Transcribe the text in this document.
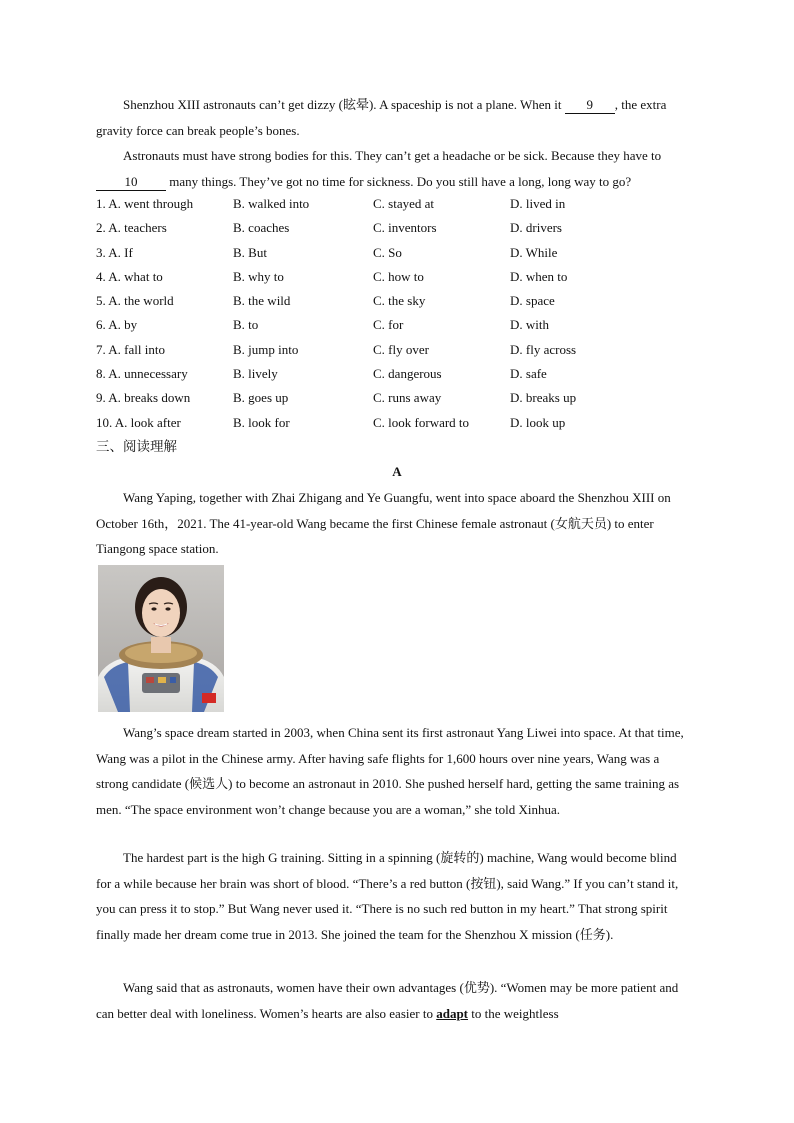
Shenzhou XIII astronauts can’t get dizzy (眩晕). A spaceship is not a plane. When it 9 , the extra gravity force can break people’s bones.

Astronauts must have strong bodies for this. They can’t get a headache or be sick. Because they have to 10 many things. They’ve got no time for sickness. Do you still have a long, long way to go?

1. A. went through	B. walked into	C. stayed at	D. lived in
2. A. teachers	B. coaches	C. inventors	D. drivers
3. A. If	B. But	C. So	D. While
4. A. what to	B. why to	C. how to	D. when to
5. A. the world	B. the wild	C. the sky	D. space
6. A. by	B. to	C. for	D. with
7. A. fall into	B. jump into	C. fly over	D. fly across
8. A. unnecessary	B. lively	C. dangerous	D. safe
9. A. breaks down	B. goes up	C. runs away	D. breaks up
10. A. look after	B. look for	C. look forward to	D. look up

三、阅读理解

A

Wang Yaping, together with Zhai Zhigang and Ye Guangfu, went into space aboard the Shenzhou XIII on October 16th，2021. The 41-year-old Wang became the first Chinese female astronaut (女航天员) to enter Tiangong space station.

Wang’s space dream started in 2003, when China sent its first astronaut Yang Liwei into space. At that time, Wang was a pilot in the Chinese army. After having safe flights for 1,600 hours over nine years, Wang was a strong candidate (候选人) to become an astronaut in 2010. She pushed herself hard, getting the same training as men. “The space environment won’t change because you are a woman,” she told Xinhua.

The hardest part is the high G training. Sitting in a spinning (旋转的) machine, Wang would become blind for a while because her brain was short of blood. “There’s a red button (按钮), said Wang.” If you can’t stand it, you can press it to stop.” But Wang never used it. “There is no such red button in my heart.” That strong spirit finally made her dream come true in 2013. She joined the team for the Shenzhou X mission (任务).

Wang said that as astronauts, women have their own advantages (优势). “Women may be more patient and can better deal with loneliness. Women’s hearts are also easier to adapt to the weightless
